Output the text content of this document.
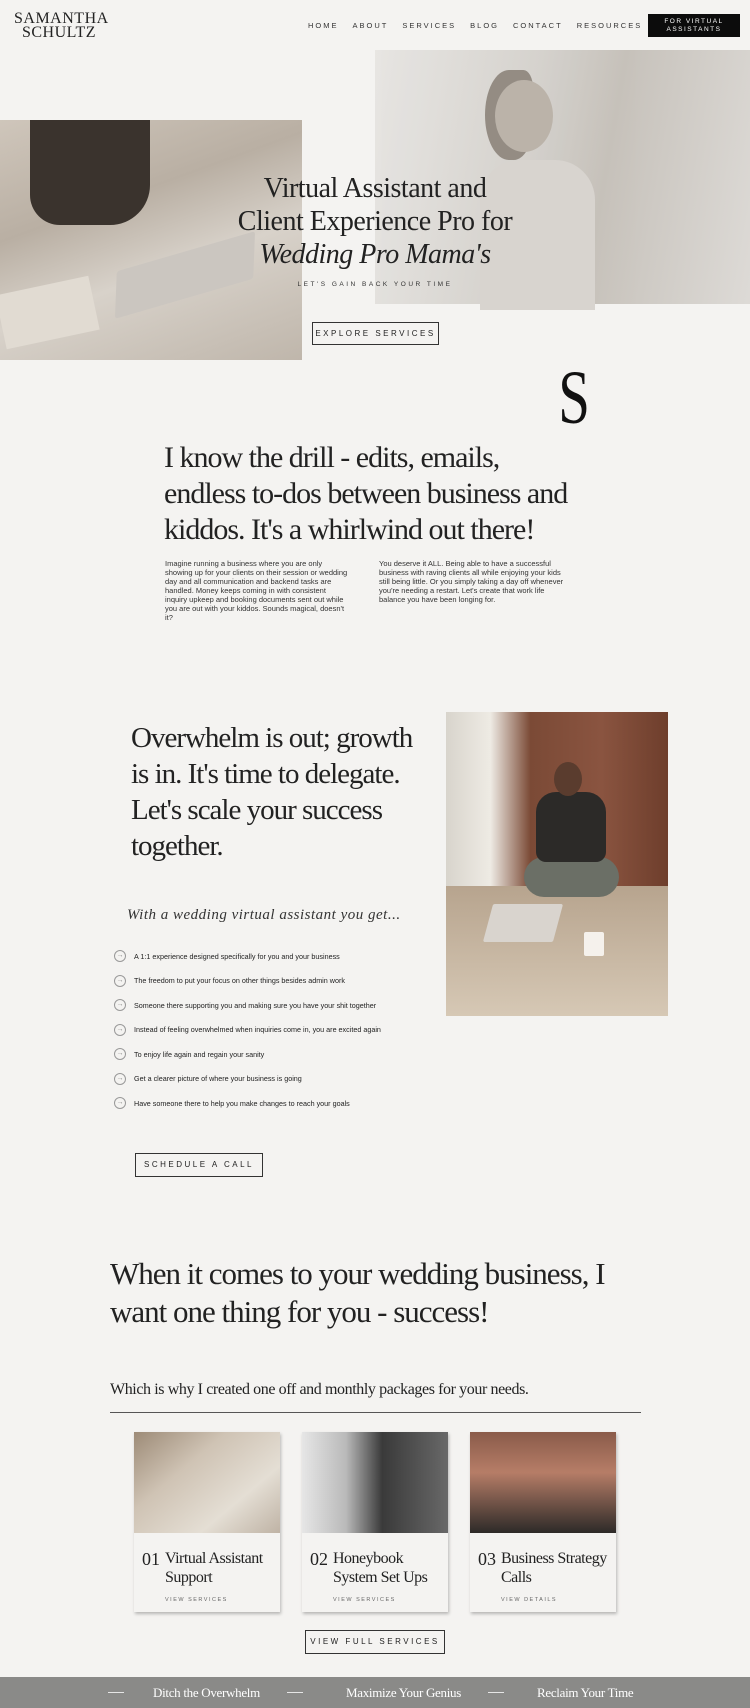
SAMANTHA
SCHULTZ	HOME ABOUT SERVICES BLOG CONTACT RESOURCES	FOR VIRTUAL
ASSISTANTS
Virtual Assistant and
Client Experience Pro for
Wedding Pro Mama's
LET'S GAIN BACK YOUR TIME
EXPLORE SERVICES
S
I know the drill - edits, emails, endless to-dos between business and kiddos. It's a whirlwind out there!
Imagine running a business where you are only showing up for your clients on their session or wedding day and all communication and backend tasks are handled. Money keeps coming in with consistent inquiry upkeep and booking documents sent out while you are out with your kiddos. Sounds magical, doesn't it?
You deserve it ALL. Being able to have a successful business with raving clients all while enjoying your kids still being little. Or you simply taking a day off whenever you're needing a restart. Let's create that work life balance you have been longing for.
Overwhelm is out; growth is in. It's time to delegate. Let's scale your success together.
With a wedding virtual assistant you get...
→	A 1:1 experience designed specifically for you and your business
→	The freedom to put your focus on other things besides admin work
→	Someone there supporting you and making sure you have your shit together
→	Instead of feeling overwhelmed when inquiries come in, you are excited again
→	To enjoy life again and regain your sanity
→	Get a clearer picture of where your business is going
→	Have someone there to help you make changes to reach your goals
SCHEDULE A CALL
When it comes to your wedding business, I want one thing for you - success!
Which is why I created one off and monthly packages for your needs.
01 Virtual Assistant Support
VIEW SERVICES
02 Honeybook System Set Ups
VIEW SERVICES
03 Business Strategy Calls
VIEW DETAILS
VIEW FULL SERVICES
Ditch the Overwhelm	Maximize Your Genius	Reclaim Your Time
